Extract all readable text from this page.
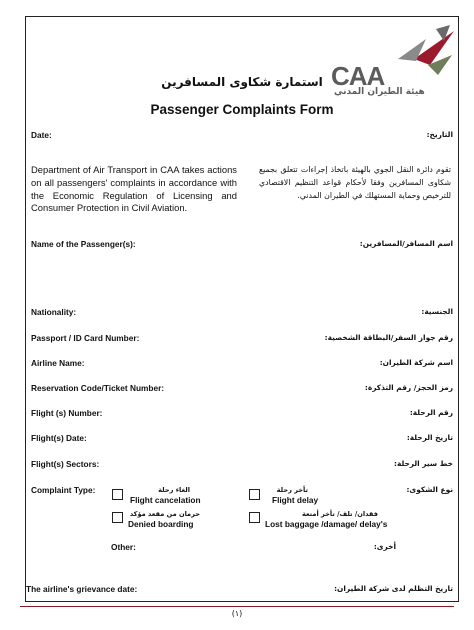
CAA
هيئة الطيران المدني
استمارة شكاوى المسافرين
Passenger Complaints Form
Date:	التاريخ:
Department of Air Transport in CAA takes actions on all passengers' complaints in accordance with the Economic Regulation of Licensing and Consumer Protection in Civil Aviation.
تقوم دائرة النقل الجوي بالهيئة باتخاذ إجراءات تتعلق بجميع شكاوى المسافرين وفقا لأحكام قواعد التنظيم الاقتصادي للترخيص وحماية المستهلك في الطيران المدني.
Name of the Passenger(s):	اسم المسافر/المسافرين:
Nationality:	الجنسية:
Passport / ID Card Number:	رقم جواز السفر/البطاقة الشخصية:
Airline Name:	اسم شركة الطيران:
Reservation Code/Ticket Number:	رمز الحجز/ رقم التذكرة:
Flight (s) Number:	رقم الرحلة:
Flight(s) Date:	تاريخ الرحلة:
Flight(s) Sectors:	خط سير الرحلة:
Complaint Type:	نوع الشكوى:
الغاء رحلة
Flight cancelation
تأخر رحلة
Flight delay
حرمان من مقعد مؤكد
Denied boarding
فقدان/ تلف/ تأخر أمتعة
Lost baggage /damage/ delay's
Other:	أخرى:
The airline's grievance date:	تاريخ التظلم لدى شركة الطيران:
(١)
